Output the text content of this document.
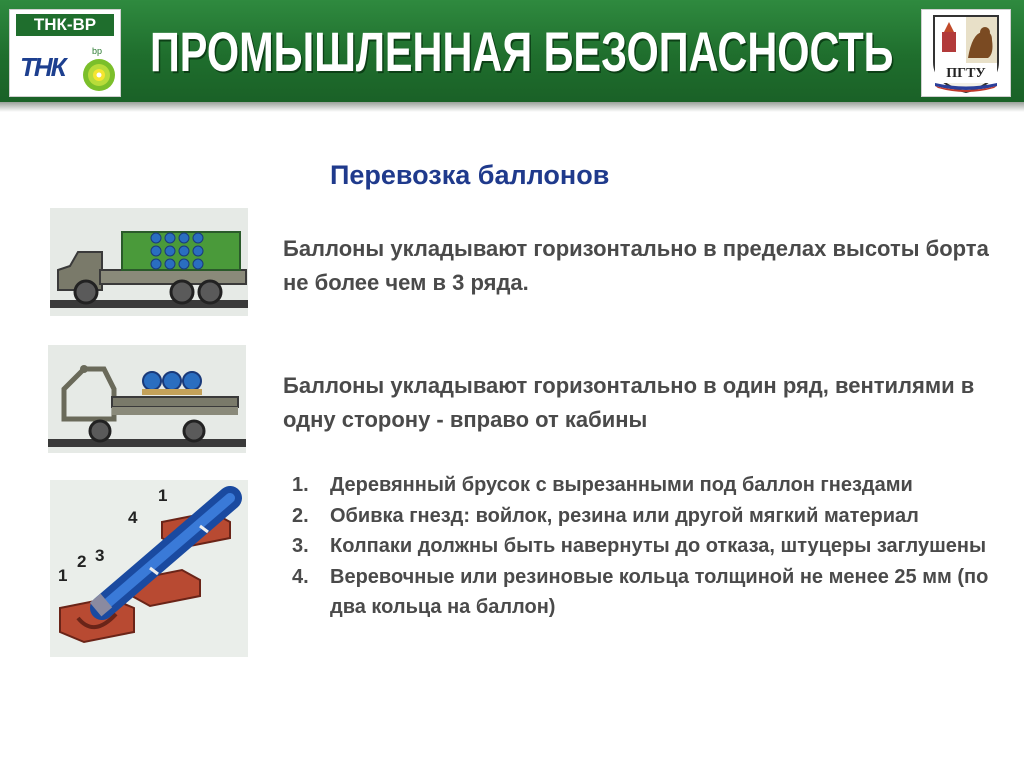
ТНК-BP
ТНК
bp ПРОМЫШЛЕННАЯ БЕЗОПАСНОСТЬ	ПГТУ
Перевозка баллонов
1
2 3
4
1
Баллоны укладывают горизонтально в пределах высоты борта не более чем в 3 ряда.
Баллоны укладывают горизонтально в один ряд, вентилями в одну сторону - вправо от кабины
1. Деревянный брусок с вырезанными под баллон гнездами
2. Обивка гнезд: войлок, резина или другой мягкий материал
3. Колпаки должны быть навернуты до отказа, штуцеры заглушены
4. Веревочные или резиновые кольца толщиной не менее 25 мм (по два кольца на баллон)
